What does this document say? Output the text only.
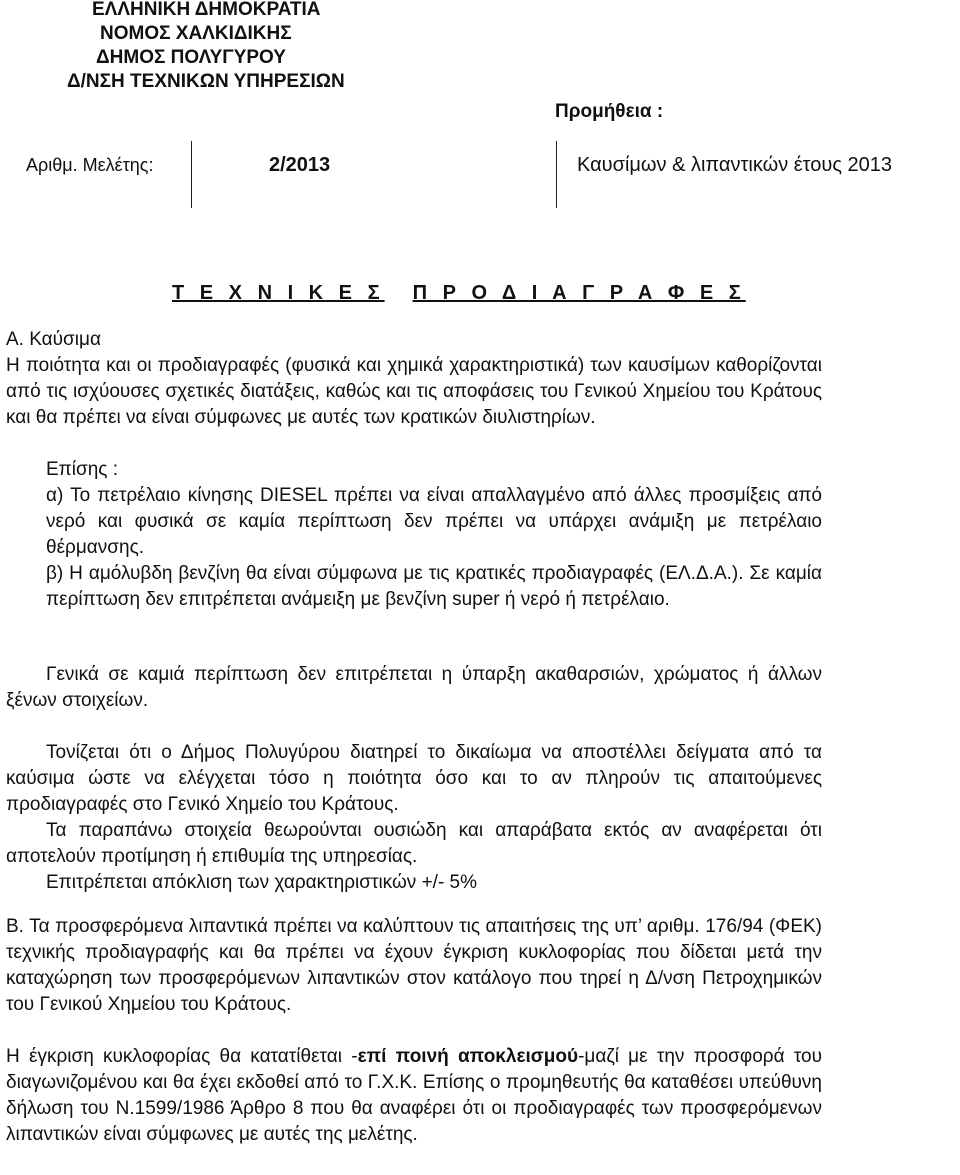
ΕΛΛΗΝΙΚΗ ΔΗΜΟΚΡΑΤΙΑ
ΝΟΜΟΣ ΧΑΛΚΙΔΙΚΗΣ
ΔΗΜΟΣ ΠΟΛΥΓΥΡΟΥ
Δ/ΝΣΗ ΤΕΧΝΙΚΩΝ ΥΠΗΡΕΣΙΩΝ
Προμήθεια :
Αριθμ. Μελέτης:	2/2013	Καυσίμων & λιπαντικών έτους 2013
Τ Ε Χ Ν Ι Κ Ε Σ Π Ρ Ο Δ Ι Α Γ Ρ Α Φ Ε Σ
Α. Καύσιμα
Η ποιότητα και οι προδιαγραφές (φυσικά και χημικά χαρακτηριστικά) των καυσίμων καθορίζονται από τις ισχύουσες σχετικές διατάξεις, καθώς και τις αποφάσεις του Γενικού Χημείου του Κράτους και θα πρέπει να είναι σύμφωνες με αυτές των κρατικών διυλιστηρίων.
Επίσης :
α) Το πετρέλαιο κίνησης DIESEL πρέπει να είναι απαλλαγμένο από άλλες προσμίξεις από νερό και φυσικά σε καμία περίπτωση δεν πρέπει να υπάρχει ανάμιξη με πετρέλαιο θέρμανσης.
β) Η αμόλυβδη βενζίνη θα είναι σύμφωνα με τις κρατικές προδιαγραφές (ΕΛ.Δ.Α.). Σε καμία περίπτωση δεν επιτρέπεται ανάμειξη με βενζίνη super ή νερό ή πετρέλαιο.
Γενικά σε καμιά περίπτωση δεν επιτρέπεται η ύπαρξη ακαθαρσιών, χρώματος ή άλλων ξένων στοιχείων.
Τονίζεται ότι ο Δήμος Πολυγύρου διατηρεί το δικαίωμα να αποστέλλει δείγματα από τα καύσιμα ώστε να ελέγχεται τόσο η ποιότητα όσο και το αν πληρούν τις απαιτούμενες προδιαγραφές στο Γενικό Χημείο του Κράτους.
Τα παραπάνω στοιχεία θεωρούνται ουσιώδη και απαράβατα εκτός αν αναφέρεται ότι αποτελούν προτίμηση ή επιθυμία της υπηρεσίας.
Επιτρέπεται απόκλιση των χαρακτηριστικών +/- 5%
Β. Τα προσφερόμενα λιπαντικά πρέπει να καλύπτουν τις απαιτήσεις της υπ’ αριθμ. 176/94 (ΦΕΚ) τεχνικής προδιαγραφής και θα πρέπει να έχουν έγκριση κυκλοφορίας που δίδεται μετά την καταχώρηση των προσφερόμενων λιπαντικών στον κατάλογο που τηρεί η Δ/νση Πετροχημικών του Γενικού Χημείου του Κράτους.
Η έγκριση κυκλοφορίας θα κατατίθεται -επί ποινή αποκλεισμού-μαζί με την προσφορά του διαγωνιζομένου και θα έχει εκδοθεί από το Γ.Χ.Κ. Επίσης ο προμηθευτής θα καταθέσει υπεύθυνη δήλωση του Ν.1599/1986 Άρθρο 8 που θα αναφέρει ότι οι προδιαγραφές των προσφερόμενων λιπαντικών είναι σύμφωνες με αυτές της μελέτης.
